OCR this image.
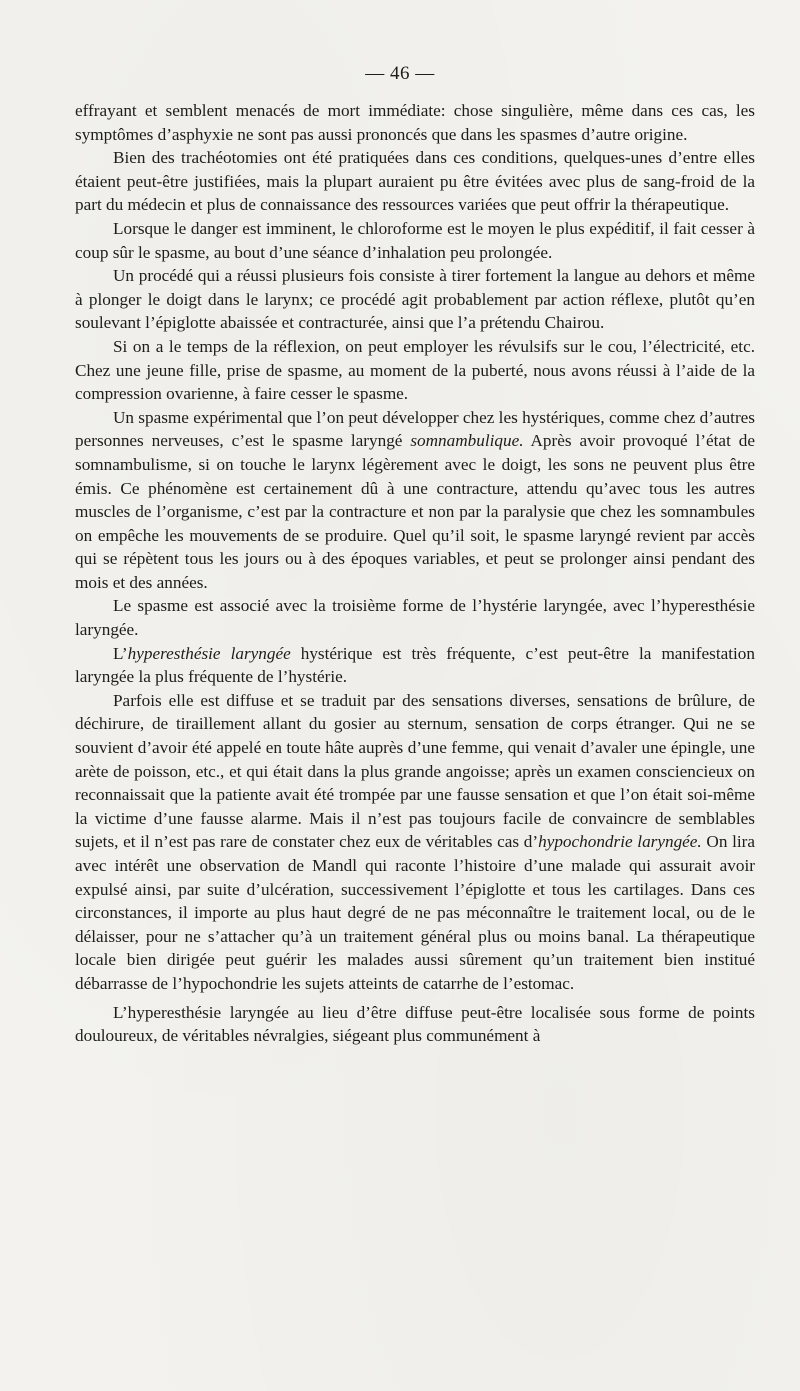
— 46 —

effrayant et semblent menacés de mort immédiate: chose singulière, même dans ces cas, les symptômes d’asphyxie ne sont pas aussi prononcés que dans les spasmes d’autre origine.

Bien des trachéotomies ont été pratiquées dans ces conditions, quelques-unes d’entre elles étaient peut-être justifiées, mais la plupart auraient pu être évitées avec plus de sang-froid de la part du médecin et plus de connaissance des ressources variées que peut offrir la thérapeutique.

Lorsque le danger est imminent, le chloroforme est le moyen le plus expéditif, il fait cesser à coup sûr le spasme, au bout d’une séance d’inhalation peu prolongée.

Un procédé qui a réussi plusieurs fois consiste à tirer fortement la langue au dehors et même à plonger le doigt dans le larynx; ce procédé agit probablement par action réflexe, plutôt qu’en soulevant l’épiglotte abaissée et contracturée, ainsi que l’a prétendu Chairou.

Si on a le temps de la réflexion, on peut employer les révulsifs sur le cou, l’électricité, etc. Chez une jeune fille, prise de spasme, au moment de la puberté, nous avons réussi à l’aide de la compression ovarienne, à faire cesser le spasme.

Un spasme expérimental que l’on peut développer chez les hystériques, comme chez d’autres personnes nerveuses, c’est le spasme laryngé somnambulique. Après avoir provoqué l’état de somnambulisme, si on touche le larynx légèrement avec le doigt, les sons ne peuvent plus être émis. Ce phénomène est certainement dû à une contracture, attendu qu’avec tous les autres muscles de l’organisme, c’est par la contracture et non par la paralysie que chez les somnambules on empêche les mouvements de se produire. Quel qu’il soit, le spasme laryngé revient par accès qui se répètent tous les jours ou à des époques variables, et peut se prolonger ainsi pendant des mois et des années.

Le spasme est associé avec la troisième forme de l’hystérie laryngée, avec l’hyperesthésie laryngée.

L’hyperesthésie laryngée hystérique est très fréquente, c’est peut-être la manifestation laryngée la plus fréquente de l’hystérie.

Parfois elle est diffuse et se traduit par des sensations diverses, sensations de brûlure, de déchirure, de tiraillement allant du gosier au sternum, sensation de corps étranger. Qui ne se souvient d’avoir été appelé en toute hâte auprès d’une femme, qui venait d’avaler une épingle, une arète de poisson, etc., et qui était dans la plus grande angoisse; après un examen consciencieux on reconnaissait que la patiente avait été trompée par une fausse sensation et que l’on était soi-même la victime d’une fausse alarme. Mais il n’est pas toujours facile de convaincre de semblables sujets, et il n’est pas rare de constater chez eux de véritables cas d’hypochondrie laryngée. On lira avec intérêt une observation de Mandl qui raconte l’histoire d’une malade qui assurait avoir expulsé ainsi, par suite d’ulcération, successivement l’épiglotte et tous les cartilages. Dans ces circonstances, il importe au plus haut degré de ne pas méconnaître le traitement local, ou de le délaisser, pour ne s’attacher qu’à un traitement général plus ou moins banal. La thérapeutique locale bien dirigée peut guérir les malades aussi sûrement qu’un traitement bien institué débarrasse de l’hypochondrie les sujets atteints de catarrhe de l’estomac.

L’hyperesthésie laryngée au lieu d’être diffuse peut-être localisée sous forme de points douloureux, de véritables névralgies, siégeant plus communément à
